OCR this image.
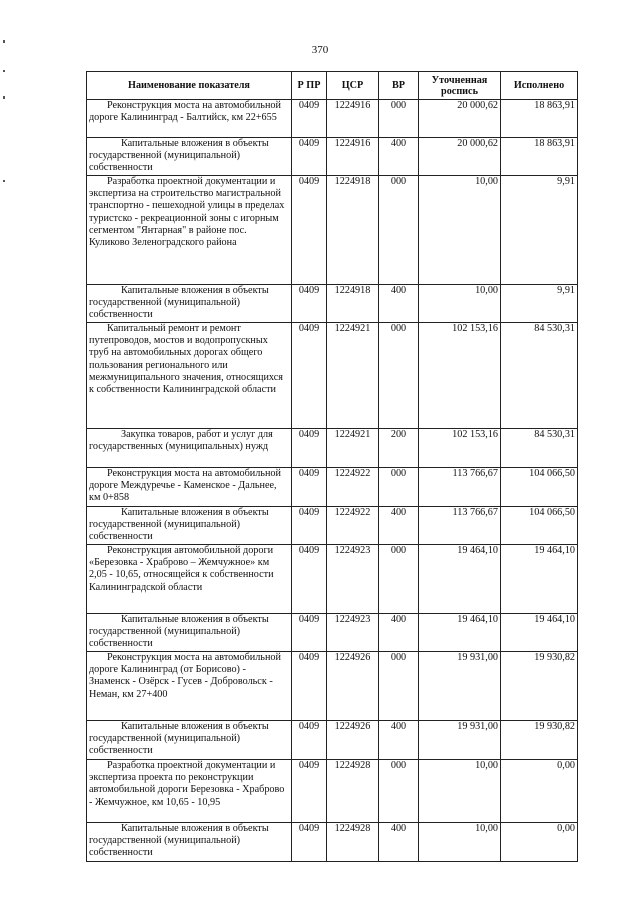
370
Наименование показателя	Р ПР	ЦСР	ВР	Уточненная роспись	Исполнено
Реконструкция моста на автомобильной дороге Калининград - Балтийск, км 22+655	0409	1224916	000	20 000,62	18 863,91
Капитальные вложения в объекты государственной (муниципальной) собственности	0409	1224916	400	20 000,62	18 863,91
Разработка проектной документации и экспертиза на строительство магистральной транспортно - пешеходной улицы в пределах туристско - рекреационной зоны с игорным сегментом "Янтарная" в районе пос. Куликово Зеленоградского района	0409	1224918	000	10,00	9,91
Капитальные вложения в объекты государственной (муниципальной) собственности	0409	1224918	400	10,00	9,91
Капитальный ремонт и ремонт путепроводов, мостов и водопропускных труб на автомобильных дорогах общего пользования регионального или межмуниципального значения, относящихся к собственности Калининградской области	0409	1224921	000	102 153,16	84 530,31
Закупка товаров, работ и услуг для государственных (муниципальных) нужд	0409	1224921	200	102 153,16	84 530,31
Реконструкция моста на автомобильной дороге Междуречье - Каменское - Дальнее, км 0+858	0409	1224922	000	113 766,67	104 066,50
Капитальные вложения в объекты государственной (муниципальной) собственности	0409	1224922	400	113 766,67	104 066,50
Реконструкция автомобильной дороги «Березовка - Храброво – Жемчужное» км 2,05 - 10,65, относящейся к собственности Калининградской области	0409	1224923	000	19 464,10	19 464,10
Капитальные вложения в объекты государственной (муниципальной) собственности	0409	1224923	400	19 464,10	19 464,10
Реконструкция моста на автомобильной дороге Калининград (от Борисово) - Знаменск - Озёрск - Гусев - Добровольск - Неман, км 27+400	0409	1224926	000	19 931,00	19 930,82
Капитальные вложения в объекты государственной (муниципальной) собственности	0409	1224926	400	19 931,00	19 930,82
Разработка проектной документации и экспертиза проекта по реконструкции автомобильной дороги Березовка - Храброво - Жемчужное, км 10,65 - 10,95	0409	1224928	000	10,00	0,00
Капитальные вложения в объекты государственной (муниципальной) собственности	0409	1224928	400	10,00	0,00
